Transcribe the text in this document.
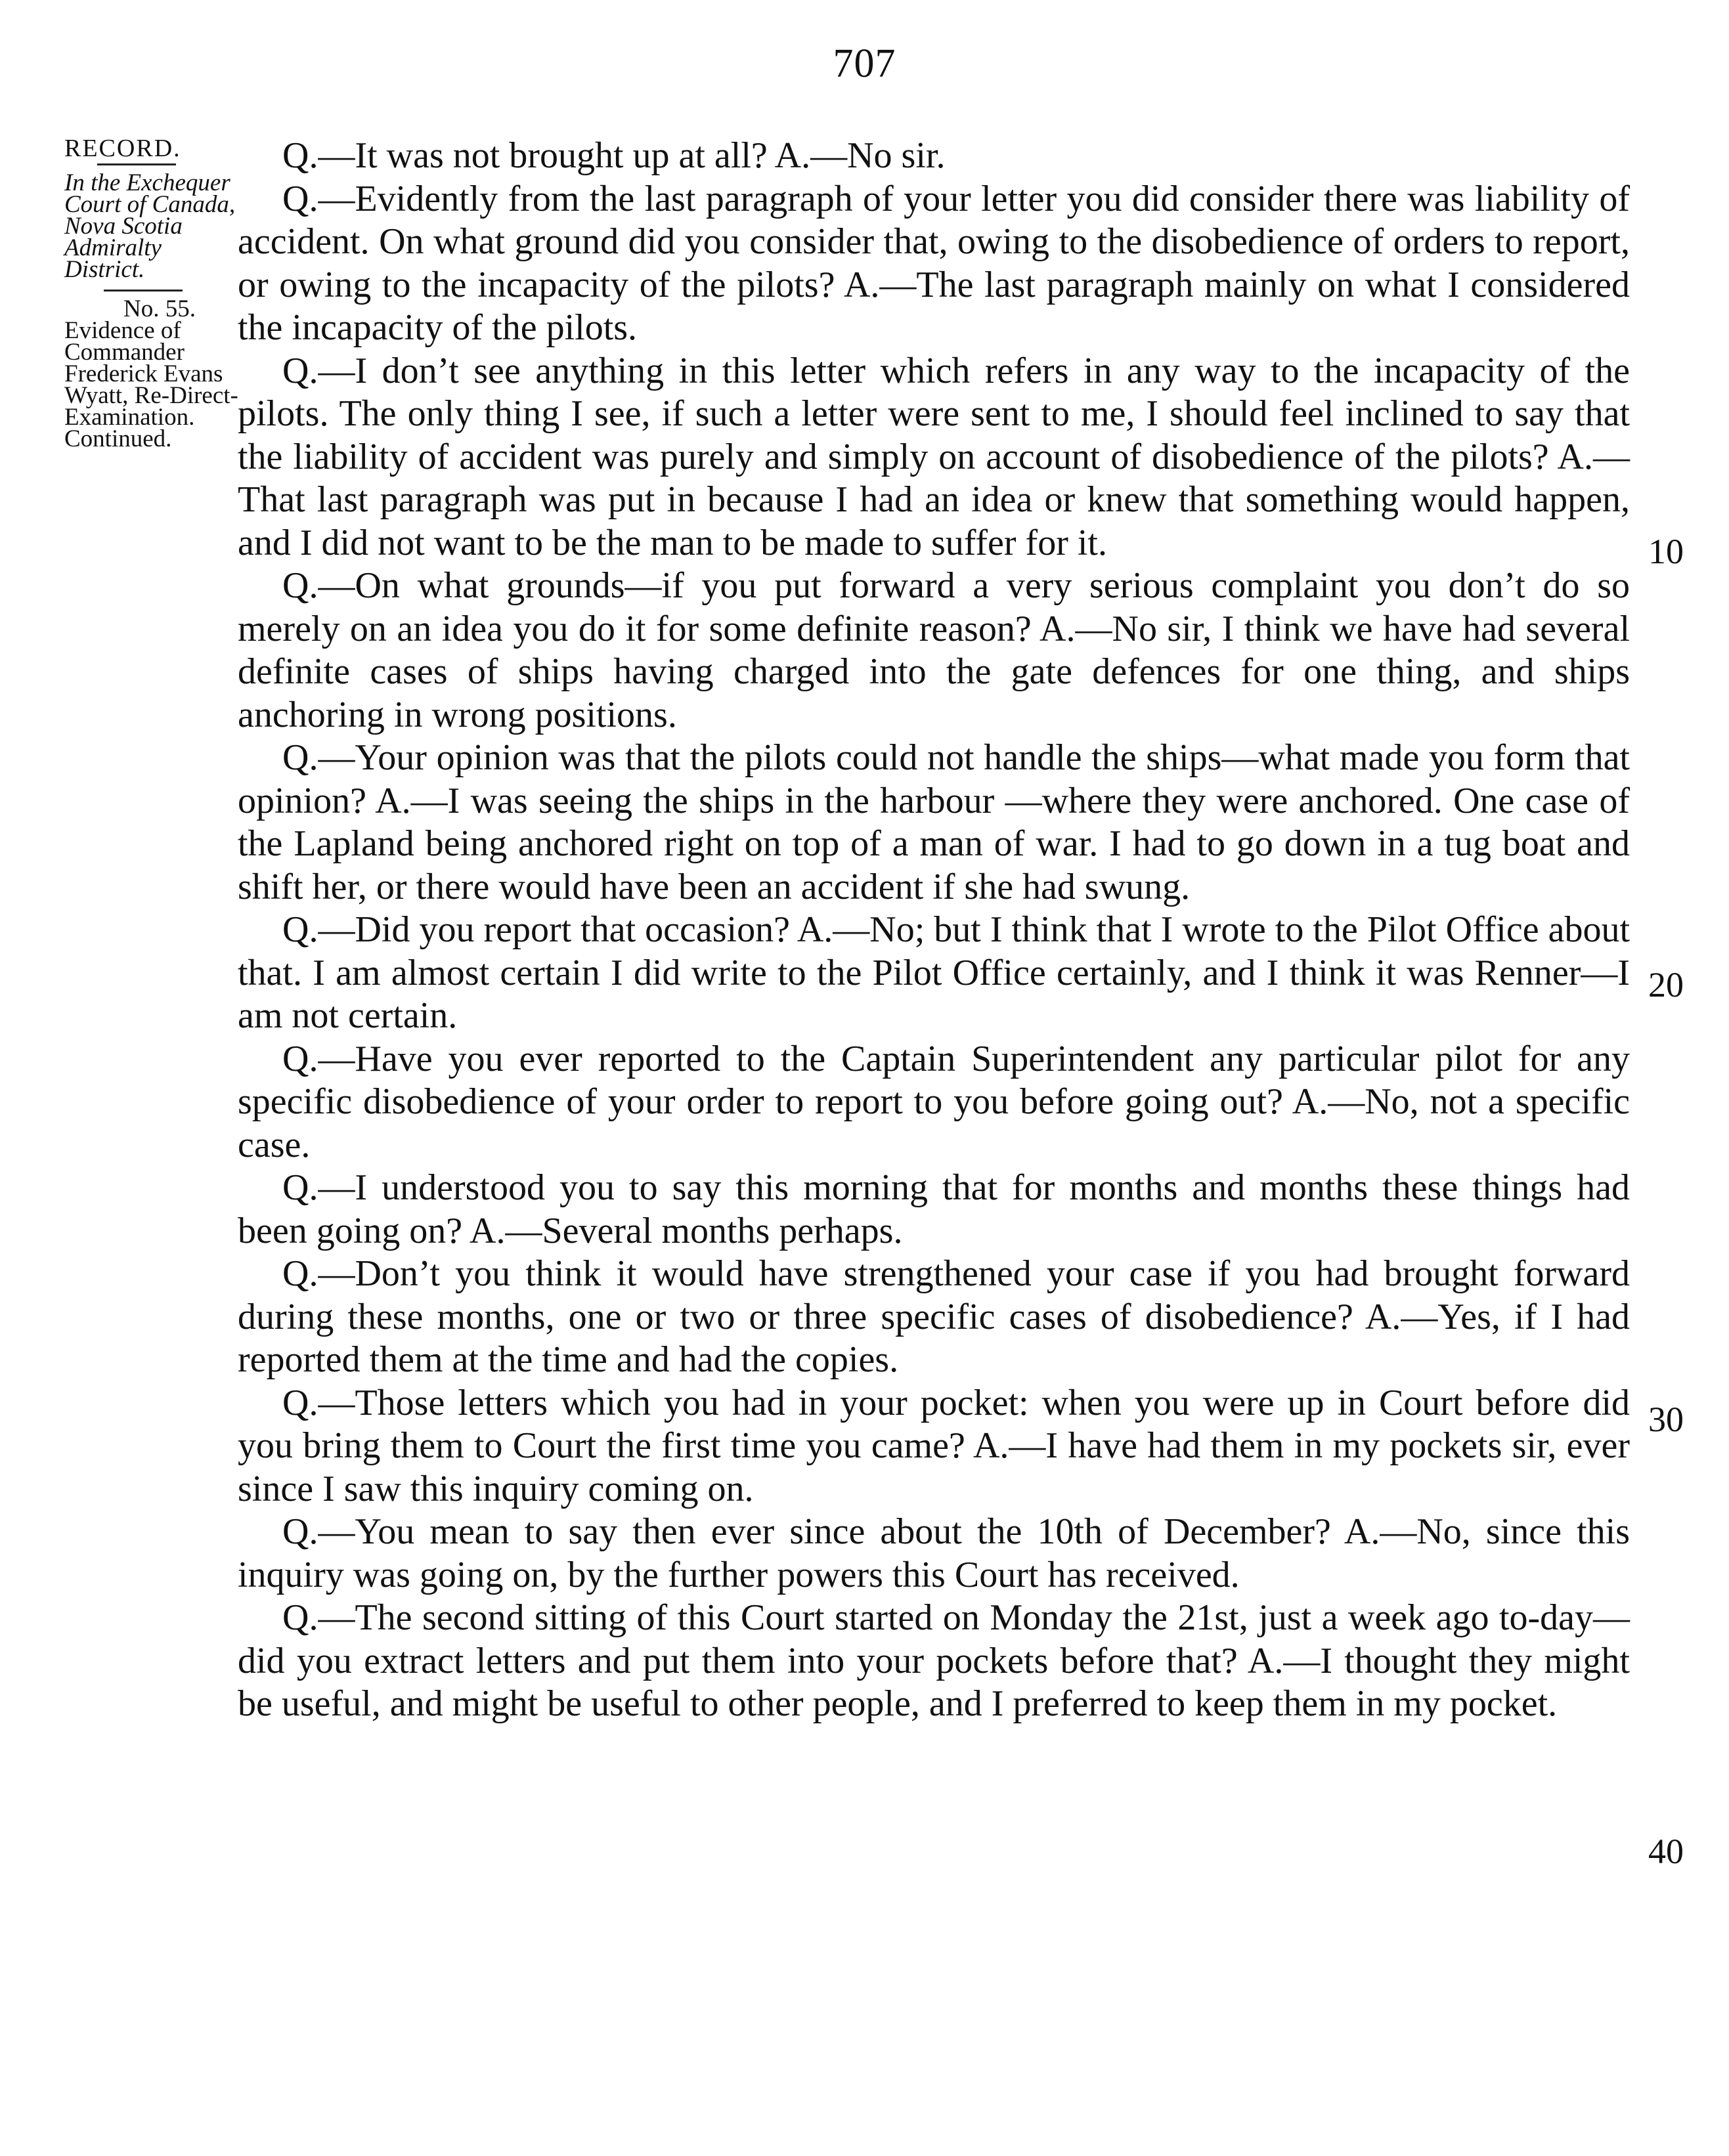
707
RECORD.
In the Exchequer Court of Canada, Nova Scotia Admiralty District.
No. 55.
Evidence of Commander Frederick Evans Wyatt, Re-Direct-Examination. Continued.

Q.—It was not brought up at all? A.—No sir.

Q.—Evidently from the last paragraph of your letter you did consider there was liability of accident. On what ground did you consider that, owing to the disobedience of orders to report, or owing to the incapacity of the pilots? A.—The last paragraph mainly on what I considered the incapacity of the pilots.

Q.—I don’t see anything in this letter which refers in any way to the incapacity of the pilots. The only thing I see, if such a letter were sent to me, I should feel inclined to say that the liability of accident was purely and simply on account of disobedience of the pilots? A.—That last paragraph was put in because I had an idea or knew that something would happen, and I did not want to be the man to be made to suffer for it.

Q.—On what grounds—if you put forward a very serious complaint you don’t do so merely on an idea you do it for some definite reason? A.—No sir, I think we have had several definite cases of ships having charged into the gate defences for one thing, and ships anchoring in wrong positions.

Q.—Your opinion was that the pilots could not handle the ships—what made you form that opinion? A.—I was seeing the ships in the harbour —where they were anchored. One case of the Lapland being anchored right on top of a man of war. I had to go down in a tug boat and shift her, or there would have been an accident if she had swung.

Q.—Did you report that occasion? A.—No; but I think that I wrote to the Pilot Office about that. I am almost certain I did write to the Pilot Office certainly, and I think it was Renner—I am not certain.

Q.—Have you ever reported to the Captain Superintendent any particular pilot for any specific disobedience of your order to report to you before going out? A.—No, not a specific case.

Q.—I understood you to say this morning that for months and months these things had been going on? A.—Several months perhaps.

Q.—Don’t you think it would have strengthened your case if you had brought forward during these months, one or two or three specific cases of disobedience? A.—Yes, if I had reported them at the time and had the copies.

Q.—Those letters which you had in your pocket: when you were up in Court before did you bring them to Court the first time you came? A.—I have had them in my pockets sir, ever since I saw this inquiry coming on.

Q.—You mean to say then ever since about the 10th of December? A.—No, since this inquiry was going on, by the further powers this Court has received.

Q.—The second sitting of this Court started on Monday the 21st, just a week ago to-day—did you extract letters and put them into your pockets before that? A.—I thought they might be useful, and might be useful to other people, and I preferred to keep them in my pocket.

10
20
30
40
